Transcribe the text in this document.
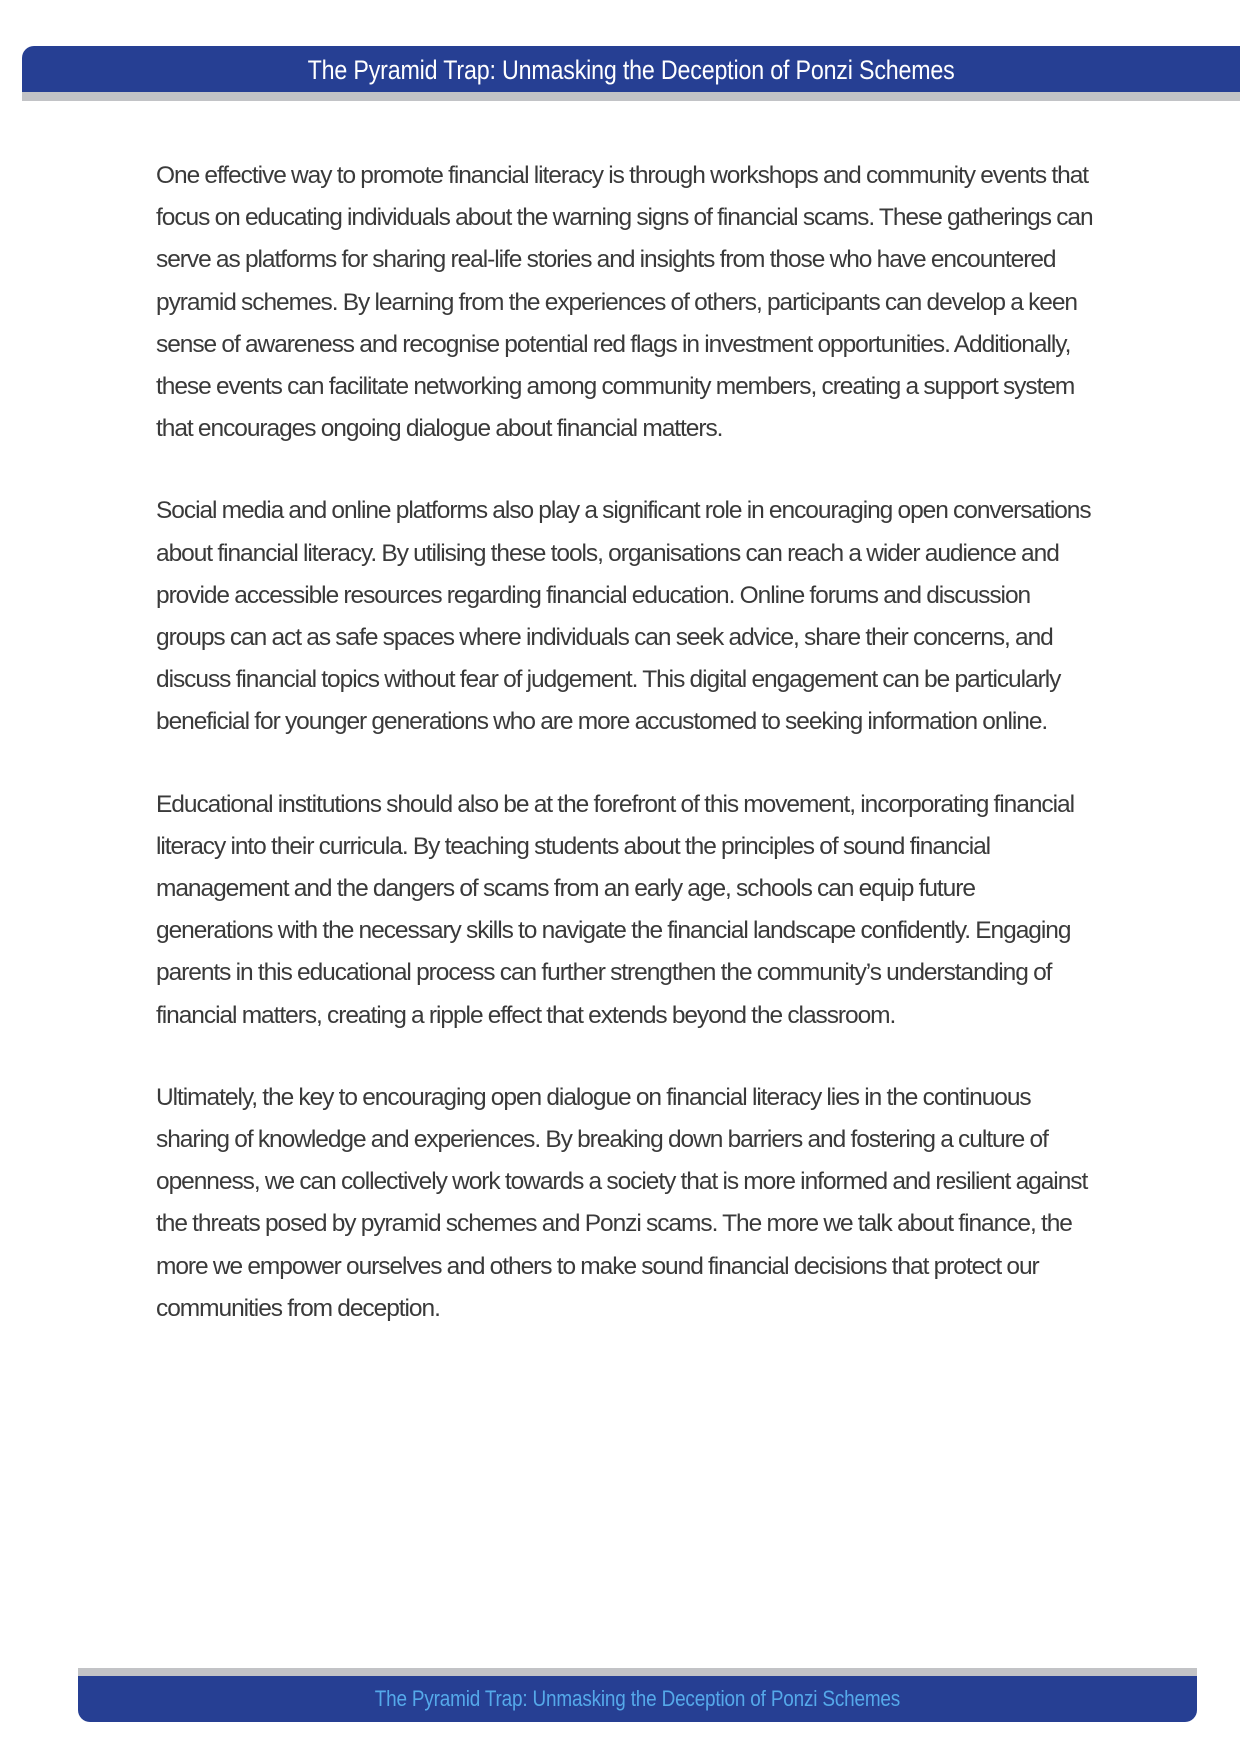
The Pyramid Trap: Unmasking the Deception of Ponzi Schemes

One effective way to promote financial literacy is through workshops and community events that focus on educating individuals about the warning signs of financial scams. These gatherings can serve as platforms for sharing real-life stories and insights from those who have encountered pyramid schemes. By learning from the experiences of others, participants can develop a keen sense of awareness and recognise potential red flags in investment opportunities. Additionally, these events can facilitate networking among community members, creating a support system that encourages ongoing dialogue about financial matters.

Social media and online platforms also play a significant role in encouraging open conversations about financial literacy. By utilising these tools, organisations can reach a wider audience and provide accessible resources regarding financial education. Online forums and discussion groups can act as safe spaces where individuals can seek advice, share their concerns, and discuss financial topics without fear of judgement. This digital engagement can be particularly beneficial for younger generations who are more accustomed to seeking information online.

Educational institutions should also be at the forefront of this movement, incorporating financial literacy into their curricula. By teaching students about the principles of sound financial management and the dangers of scams from an early age, schools can equip future generations with the necessary skills to navigate the financial landscape confidently. Engaging parents in this educational process can further strengthen the community’s understanding of financial matters, creating a ripple effect that extends beyond the classroom.

Ultimately, the key to encouraging open dialogue on financial literacy lies in the continuous sharing of knowledge and experiences. By breaking down barriers and fostering a culture of openness, we can collectively work towards a society that is more informed and resilient against the threats posed by pyramid schemes and Ponzi scams. The more we talk about finance, the more we empower ourselves and others to make sound financial decisions that protect our communities from deception.

The Pyramid Trap: Unmasking the Deception of Ponzi Schemes
